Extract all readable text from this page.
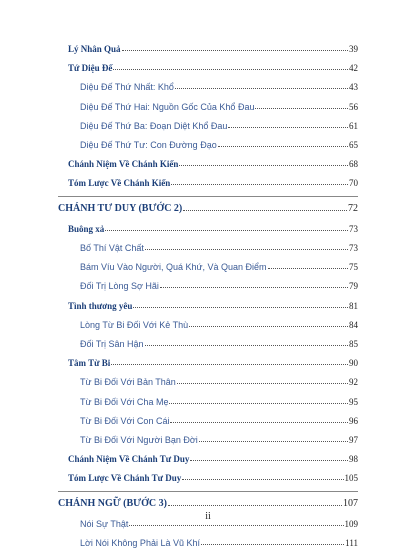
Lý Nhân Quả	39
Tứ Diệu Đế	42
Diệu Đế Thứ Nhất: Khổ	43
Diệu Đế Thứ Hai: Nguồn Gốc Của Khổ Đau	56
Diệu Đế Thứ Ba: Đoạn Diệt Khổ Đau	61
Diệu Đế Thứ Tư: Con Đường Đạo	65
Chánh Niệm Về Chánh Kiến	68
Tóm Lược Về Chánh Kiến	70
CHÁNH TƯ DUY (BƯỚC 2)	72
Buông xả	73
Bố Thí Vật Chất	73
Bám Víu Vào Người, Quá Khứ, Và Quan Điểm	75
Đối Trị Lòng Sợ Hãi	79
Tình thương yêu	81
Lòng Từ Bi Đối Với Kẻ Thù	84
Đối Trị Sân Hận	85
Tâm Từ Bi	90
Từ Bi Đối Với Bản Thân	92
Từ Bi Đối Với Cha Mẹ	95
Từ Bi Đối Với Con Cái	96
Từ Bi Đối Với Người Bạn Đời	97
Chánh Niệm Về Chánh Tư Duy	98
Tóm Lược Về Chánh Tư Duy	105
CHÁNH NGỮ (BƯỚC 3)	107
Nói Sự Thật	109
Lời Nói Không Phải Là Vũ Khí	111
ii
